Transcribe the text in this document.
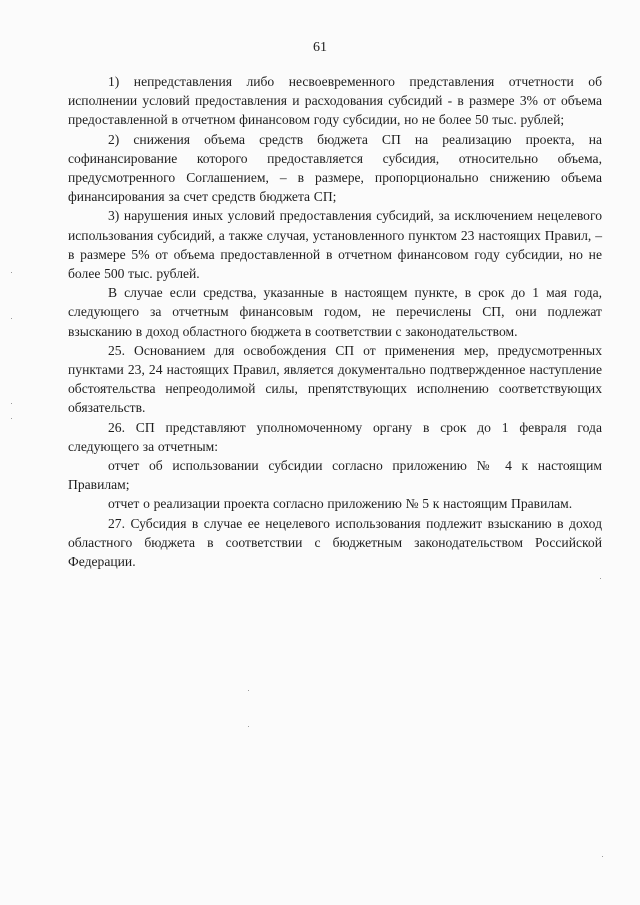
61

1) непредставления либо несвоевременного представления отчетности об исполнении условий предоставления и расходования субсидий - в размере 3% от объема предоставленной в отчетном финансовом году субсидии, но не более 50 тыс. рублей;

2) снижения объема средств бюджета СП на реализацию проекта, на софинансирование которого предоставляется субсидия, относительно объема, предусмотренного Соглашением, – в размере, пропорционально снижению объема финансирования за счет средств бюджета СП;

3) нарушения иных условий предоставления субсидий, за исключением нецелевого использования субсидий, а также случая, установленного пунктом 23 настоящих Правил, – в размере 5% от объема предоставленной в отчетном финансовом году субсидии, но не более 500 тыс. рублей.

В случае если средства, указанные в настоящем пункте, в срок до 1 мая года, следующего за отчетным финансовым годом, не перечислены СП, они подлежат взысканию в доход областного бюджета в соответствии с законодательством.

25. Основанием для освобождения СП от применения мер, предусмотренных пунктами 23, 24 настоящих Правил, является документально подтвержденное наступление обстоятельства непреодолимой силы, препятствующих исполнению соответствующих обязательств.

26. СП представляют уполномоченному органу в срок до 1 февраля года следующего за отчетным:

отчет об использовании субсидии согласно приложению № 4 к настоящим Правилам;

отчет о реализации проекта согласно приложению № 5 к настоящим Правилам.

27. Субсидия в случае ее нецелевого использования подлежит взысканию в доход областного бюджета в соответствии с бюджетным законодательством Российской Федерации.
